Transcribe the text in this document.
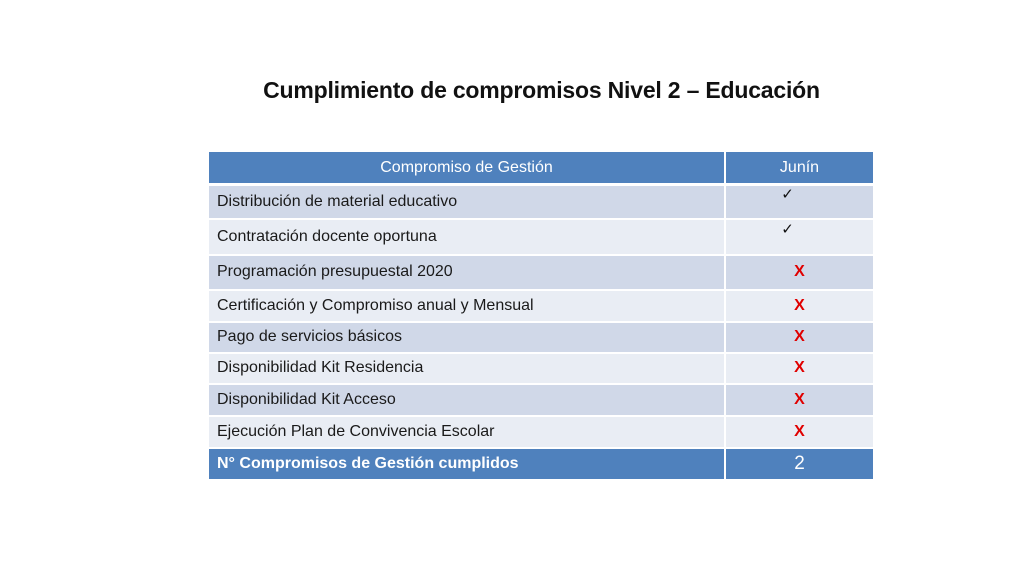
Cumplimiento de compromisos Nivel 2 – Educación
Compromiso de Gestión	Junín
Distribución de material educativo	✓
Contratación docente oportuna	✓
Programación presupuestal 2020	X
Certificación y Compromiso anual y Mensual	X
Pago de servicios básicos	X
Disponibilidad Kit Residencia	X
Disponibilidad Kit Acceso	X
Ejecución Plan de Convivencia Escolar	X
N° Compromisos de Gestión cumplidos	2
